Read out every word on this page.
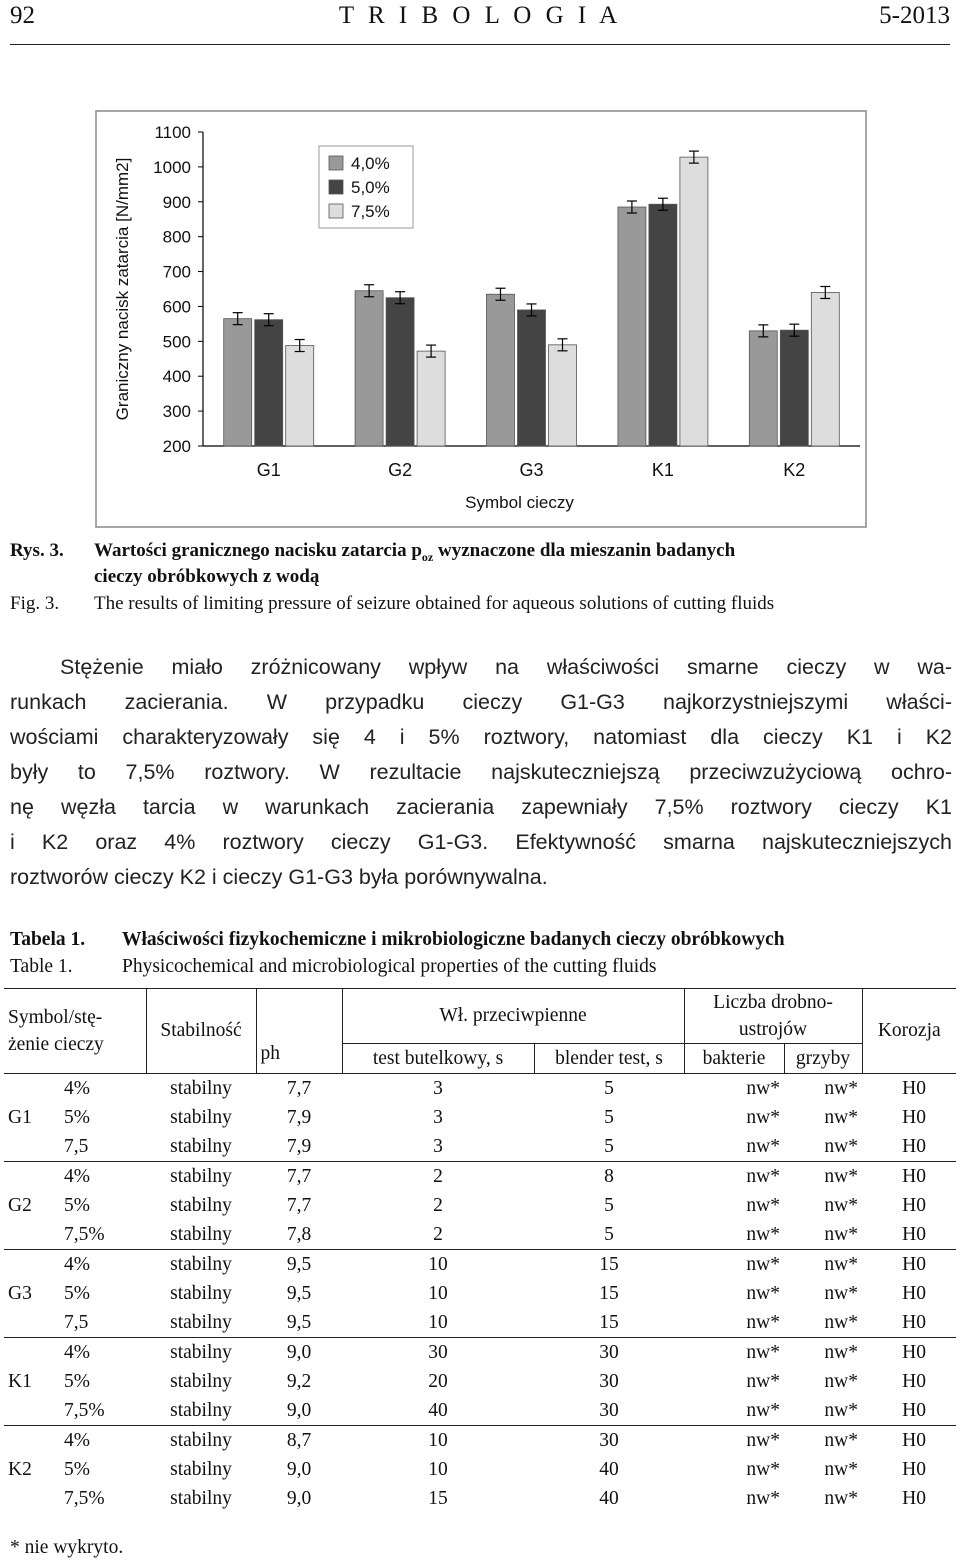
92	T R I B O L O G I A	5-2013
200
300
400
500
600
700
800
900
1000
1100
Graniczny nacisk zatarcia [N/mm2]
Symbol cieczy
G1	G2	G3	K1	K2
4,0%
5,0%
7,5%
Rys. 3. Wartości granicznego nacisku zatarcia $p_{oz}$ wyznaczone dla mieszanin badanych
cieczy obróbkowych z wodą
Fig. 3. The results of limiting pressure of seizure obtained for aqueous solutions of cutting fluids
Stężenie miało zróżnicowany wpływ na właściwości smarne cieczy w wa-
runkach zacierania. W przypadku cieczy G1-G3 najkorzystniejszymi właści-
wościami charakteryzowały się 4 i 5% roztwory, natomiast dla cieczy K1 i K2
były to 7,5% roztwory. W rezultacie najskuteczniejszą przeciwzużyciową ochro-
nę węzła tarcia w warunkach zacierania zapewniały 7,5% roztwory cieczy K1
i K2 oraz 4% roztwory cieczy G1-G3. Efektywność smarna najskuteczniejszych
roztworów cieczy K2 i cieczy G1-G3 była porównywalna.
Tabela 1. Właściwości fizykochemiczne i mikrobiologiczne badanych cieczy obróbkowych
Table 1.	Physicochemical and microbiological properties of the cutting fluids
Symbol/stę-
żenie cieczy		Stabilność	ph	Wł. przeciwpienne		Liczba drobno-
ustrojów		Korozja
				test butelkowy, s	blender test, s	bakterie	grzyby	
G1	4%	stabilny	7,7	3	5	nw*	nw*	H0
	5%	stabilny	7,9	3	5	nw*	nw*	H0
	7,5	stabilny	7,9	3	5	nw*	nw*	H0
G2	4%	stabilny	7,7	2	8	nw*	nw*	H0
	5%	stabilny	7,7	2	5	nw*	nw*	H0
	7,5%	stabilny	7,8	2	5	nw*	nw*	H0
G3	4%	stabilny	9,5	10	15	nw*	nw*	H0
	5%	stabilny	9,5	10	15	nw*	nw*	H0
	7,5	stabilny	9,5	10	15	nw*	nw*	H0
K1	4%	stabilny	9,0	30	30	nw*	nw*	H0
	5%	stabilny	9,2	20	30	nw*	nw*	H0
	7,5%	stabilny	9,0	40	30	nw*	nw*	H0
K2	4%	stabilny	8,7	10	30	nw*	nw*	H0
	5%	stabilny	9,0	10	40	nw*	nw*	H0
	7,5%	stabilny	9,0	15	40	nw*	nw*	H0
* nie wykryto.
